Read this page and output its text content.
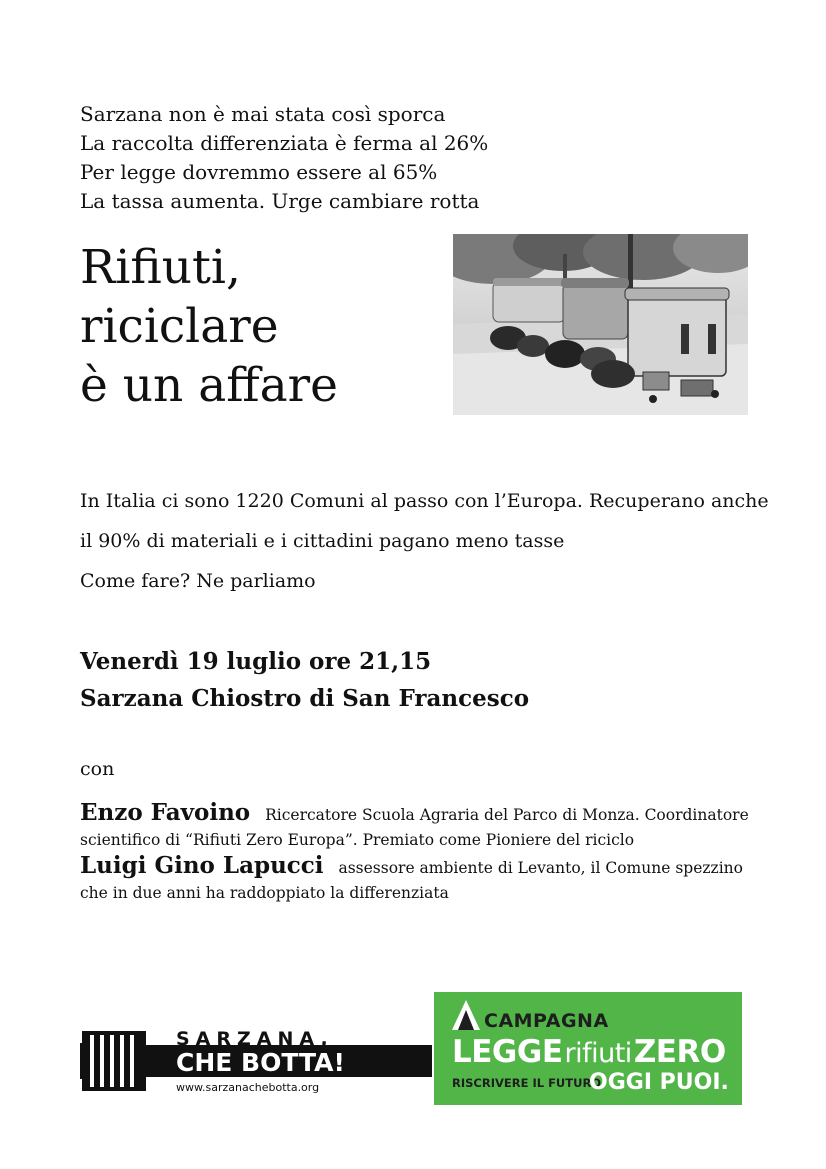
Sarzana non è mai stata così sporca
La raccolta differenziata è ferma al 26%
Per legge dovremmo essere al 65%
La tassa aumenta. Urge cambiare rotta
Rifiuti,
riciclare
è un affare
In Italia ci sono 1220 Comuni al passo con l’Europa. Recuperano anche
il 90% di materiali e i cittadini pagano meno tasse
Come fare? Ne parliamo
Venerdì 19 luglio ore 21,15
Sarzana Chiostro di San Francesco
con
Enzo Favoino Ricercatore Scuola Agraria del Parco di Monza. Coordinatore scientifico di “Rifiuti Zero Europa”. Premiato come Pioniere del riciclo
Luigi Gino Lapucci assessore ambiente di Levanto, il Comune spezzino che in due anni ha raddoppiato la differenziata
SARZANA,
CHE BOTTA!
www.sarzanachebotta.org
CAMPAGNA
LEGGErifiutiZERO
RISCRIVERE IL FUTURO.
OGGI PUOI.
